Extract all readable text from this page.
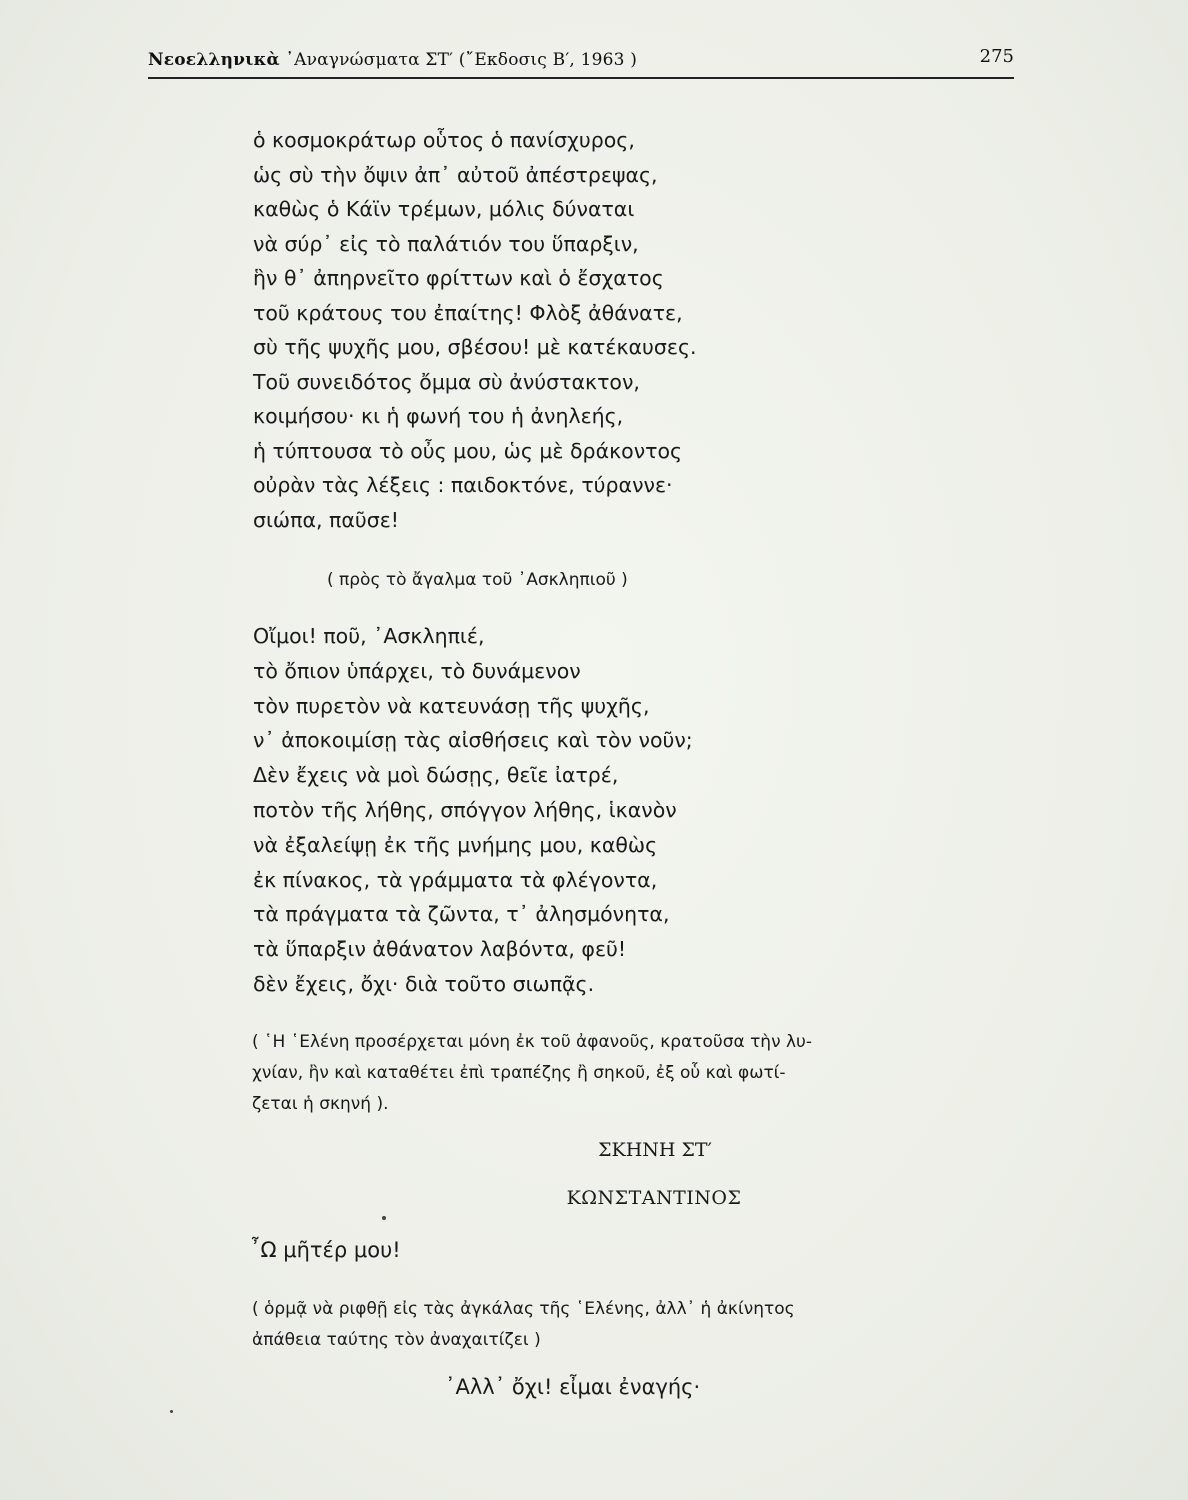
Νεοελληνικὰ ᾿Αναγνώσματα ΣΤ′ (῎Εκδοσις Β′, 1963 )	275
ὁ κοσμοκράτωρ οὗτος ὁ πανίσχυρος,
ὡς σὺ τὴν ὄψιν ἀπ᾿ αὐτοῦ ἀπέστρεψας,
καθὼς ὁ Κάϊν τρέμων, μόλις δύναται
νὰ σύρ᾿ εἰς τὸ παλάτιόν του ὕπαρξιν,
ἣν θ᾿ ἀπηρνεῖτο φρίττων καὶ ὁ ἔσχατος
τοῦ κράτους του ἐπαίτης! Φλὸξ ἀθάνατε,
σὺ τῆς ψυχῆς μου, σβέσου! μὲ κατέκαυσες.
Τοῦ συνειδότος ὄμμα σὺ ἀνύστακτον,
κοιμήσου· κι ἡ φωνή του ἡ ἀνηλεής,
ἡ τύπτουσα τὸ οὖς μου, ὡς μὲ δράκοντος
οὐρὰν τὰς λέξεις : παιδοκτόνε, τύραννε·
σιώπα, παῦσε!
( πρὸς τὸ ἄγαλμα τοῦ ᾿Ασκληπιοῦ )
Οἴμοι! ποῦ, ᾿Ασκληπιέ,
τὸ ὄπιον ὑπάρχει, τὸ δυνάμενον
τὸν πυρετὸν νὰ κατευνάσῃ τῆς ψυχῆς,
ν᾿ ἀποκοιμίσῃ τὰς αἰσθήσεις καὶ τὸν νοῦν;
Δὲν ἔχεις νὰ μοὶ δώσῃς, θεῖε ἰατρέ,
ποτὸν τῆς λήθης, σπόγγον λήθης, ἱκανὸν
νὰ ἐξαλείψῃ ἐκ τῆς μνήμης μου, καθὼς
ἐκ πίνακος, τὰ γράμματα τὰ φλέγοντα,
τὰ πράγματα τὰ ζῶντα, τ᾿ ἀλησμόνητα,
τὰ ὕπαρξιν ἀθάνατον λαβόντα, φεῦ!
δὲν ἔχεις, ὄχι· διὰ τοῦτο σιωπᾷς.
( ῾Η ῾Ελένη προσέρχεται μόνη ἐκ τοῦ ἀφανοῦς, κρατοῦσα τὴν λυ-
χνίαν, ἣν καὶ καταθέτει ἐπὶ τραπέζης ἢ σηκοῦ, ἐξ οὗ καὶ φωτί-
ζεται ἡ σκηνή ).
ΣΚΗΝΗ ΣΤ′
ΚΩΝΣΤΑΝΤΙΝΟΣ
῏Ω μῆτέρ μου!
( ὁρμᾷ νὰ ριφθῇ εἰς τὰς ἀγκάλας τῆς ῾Ελένης, ἀλλ᾿ ἡ ἀκίνητος
ἀπάθεια ταύτης τὸν ἀναχαιτίζει )
᾿Αλλ᾿ ὄχι! εἶμαι ἐναγής·
